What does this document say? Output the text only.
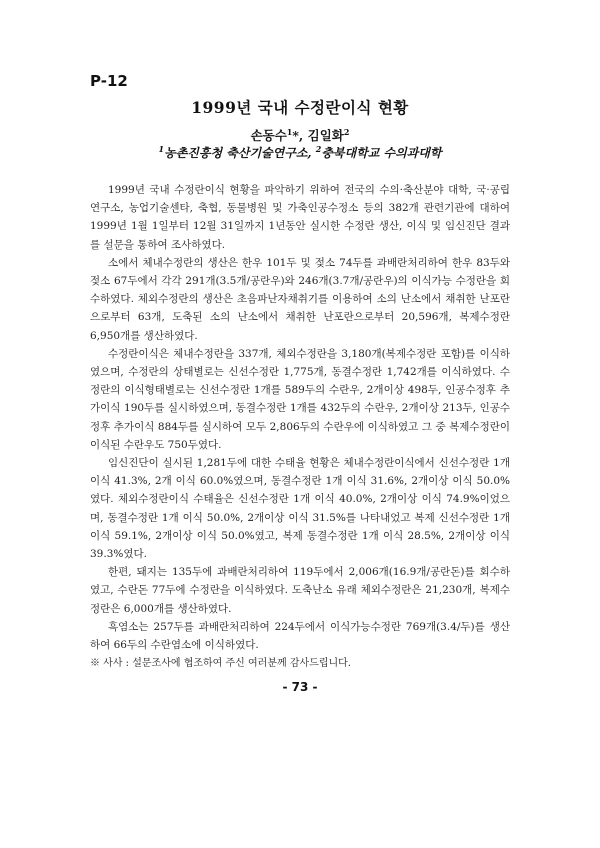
P-12
1999년 국내 수정란이식 현황
손동수$^1$*, 김일화$^2$
$^1$농촌진흥청 축산기술연구소, $^2$충북대학교 수의과대학

1999년 국내 수정란이식 현황을 파악하기 위하여 전국의 수의·축산분야 대학, 국·공립 연구소, 농업기술센타, 축협, 동물병원 및 가축인공수정소 등의 382개 관련기관에 대하여 1999년 1월 1일부터 12월 31일까지 1년동안 실시한 수정란 생산, 이식 및 임신진단 결과를 설문을 통하여 조사하였다.

소에서 체내수정란의 생산은 한우 101두 및 젖소 74두를 과배란처리하여 한우 83두와 젖소 67두에서 각각 291개(3.5개/공란우)와 246개(3.7개/공란우)의 이식가능 수정란을 회수하였다. 체외수정란의 생산은 초음파난자채취기를 이용하여 소의 난소에서 채취한 난포란으로부터 63개, 도축된 소의 난소에서 채취한 난포란으로부터 20,596개, 복제수정란 6,950개를 생산하였다.

수정란이식은 체내수정란을 337개, 체외수정란을 3,180개(복제수정란 포함)를 이식하였으며, 수정란의 상태별로는 신선수정란 1,775개, 동결수정란 1,742개를 이식하였다. 수정란의 이식형태별로는 신선수정란 1개를 589두의 수란우, 2개이상 498두, 인공수정후 추가이식 190두를 실시하였으며, 동결수정란 1개를 432두의 수란우, 2개이상 213두, 인공수정후 추가이식 884두를 실시하여 모두 2,806두의 수란우에 이식하였고 그 중 복제수정란이 이식된 수란우도 750두였다.

임신진단이 실시된 1,281두에 대한 수태율 현황은 체내수정란이식에서 신선수정란 1개 이식 41.3%, 2개 이식 60.0%였으며, 동결수정란 1개 이식 31.6%, 2개이상 이식 50.0%였다. 체외수정란이식 수태율은 신선수정란 1개 이식 40.0%, 2개이상 이식 74.9%이었으며, 동결수정란 1개 이식 50.0%, 2개이상 이식 31.5%를 나타내었고 복제 신선수정란 1개 이식 59.1%, 2개이상 이식 50.0%였고, 복제 동결수정란 1개 이식 28.5%, 2개이상 이식 39.3%였다.

한편, 돼지는 135두에 과배란처리하여 119두에서 2,006개(16.9개/공란돈)를 회수하였고, 수란돈 77두에 수정란을 이식하였다. 도축난소 유래 체외수정란은 21,230개, 복제수정란은 6,000개를 생산하였다.

흑염소는 257두를 과배란처리하여 224두에서 이식가능수정란 769개(3.4/두)를 생산하여 66두의 수란염소에 이식하였다.

※ 사사 : 설문조사에 협조하여 주신 여러분께 감사드립니다.

- 73 -
